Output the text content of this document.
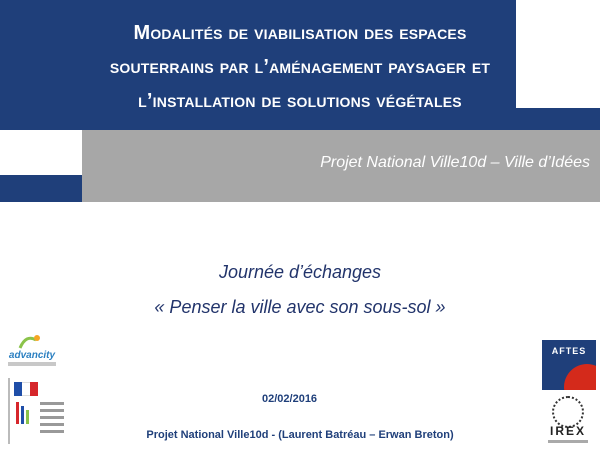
Modalités de viabilisation des espaces
souterrains par l’aménagement paysager et
l’installation de solutions végétales
Projet National Ville10d – Ville d’Idées
Journée d’échanges
« Penser la ville avec son sous-sol »
02/02/2016
Projet National Ville10d - (Laurent Batréau – Erwan Breton)
advancity	AFTES
IREX
